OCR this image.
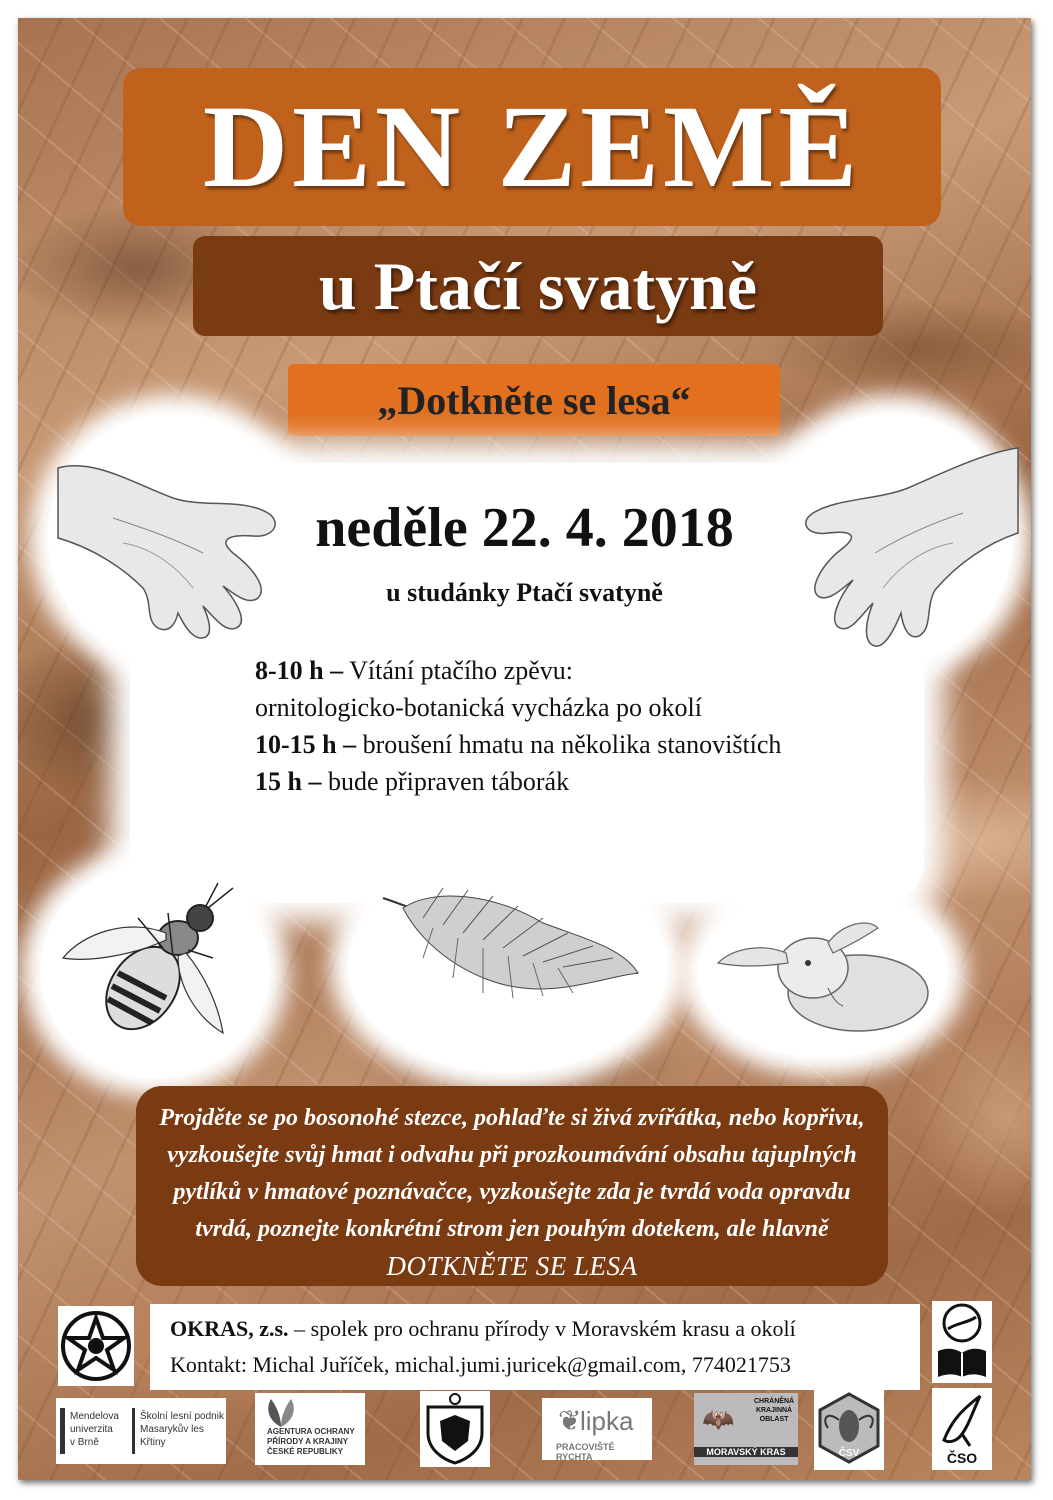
DEN ZEMĚ
u Ptačí svatyně
„Dotkněte se lesa“
neděle 22. 4. 2018
u studánky Ptačí svatyně
8-10 h – Vítání ptačího zpěvu:
ornitologicko-botanická vycházka po okolí
10-15 h – broušení hmatu na několika stanovištích
15 h – bude připraven táborák
Projděte se po bosonohé stezce, pohlaďte si živá zvířátka, nebo kopřivu,
vyzkoušejte svůj hmat i odvahu při prozkoumávání obsahu tajuplných
pytlíků v hmatové poznávačce, vyzkoušejte zda je tvrdá voda opravdu
tvrdá, poznejte konkrétní strom jen pouhým dotekem, ale hlavně
DOTKNĚTE SE LESA
OKRAS, z.s. – spolek pro ochranu přírody v Moravském krasu a okolí
Kontakt: Michal Juříček, michal.jumi.juricek@gmail.com, 774021753
Mendelova
univerzita
v Brně
Školní lesní podnik
Masarykův les
Křtiny
AGENTURA OCHRANY
PŘÍRODY A KRAJINY
ČESKÉ REPUBLIKY
❦
lipka
PRACOVIŠTĚ RYCHTA
🦇
CHRÁNĚNÁ
KRAJINNÁ
OBLAST
MORAVSKÝ KRAS	ČSV	ČSO
